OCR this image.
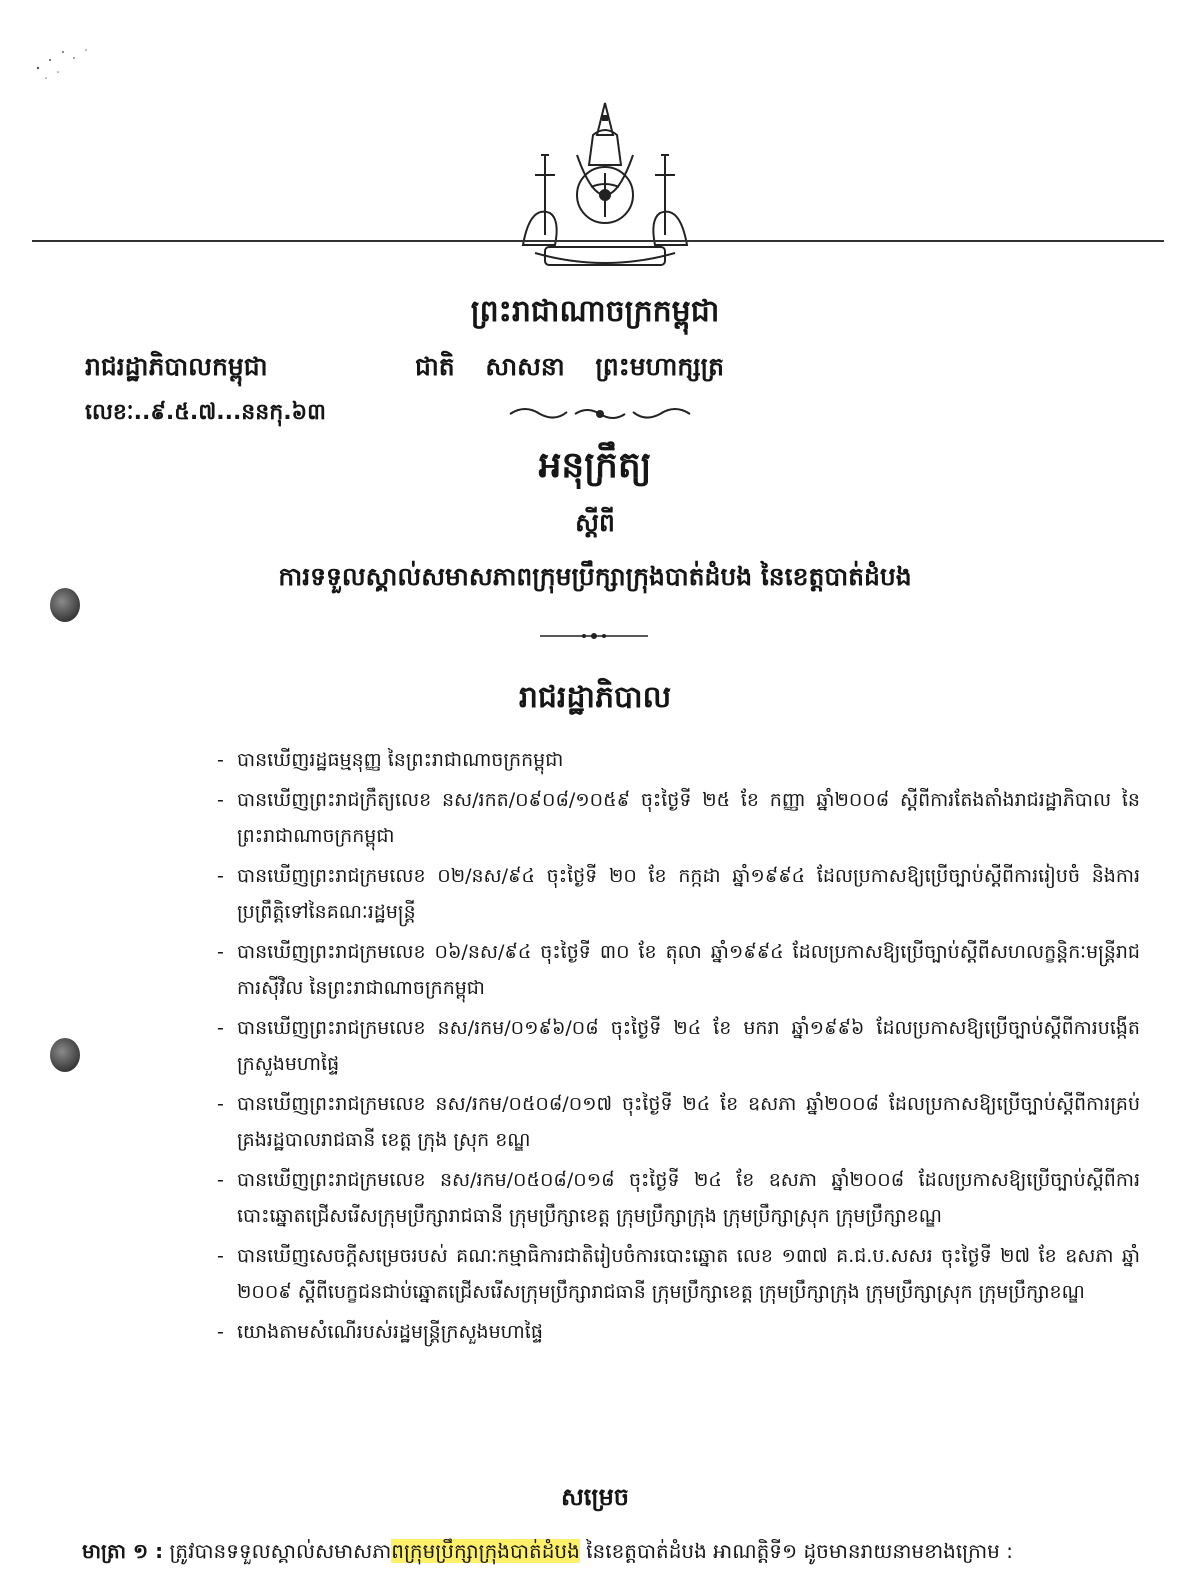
ព្រះរាជាណាចក្រកម្ពុជា
រាជរដ្ឋាភិបាលកម្ពុជា	ជាតិ សាសនា ព្រះមហាក្សត្រ
លេខៈ..៩.៥.៧...ននកុ.៦៣
អនុក្រឹត្យ
ស្តីពី
ការទទួលស្គាល់សមាសភាពក្រុមប្រឹក្សាក្រុងបាត់ដំបង នៃខេត្តបាត់ដំបង
រាជរដ្ឋាភិបាល
- បានឃើញរដ្ឋធម្មនុញ្ញ នៃព្រះរាជាណាចក្រកម្ពុជា
- បានឃើញព្រះរាជក្រឹត្យលេខ នស/រកត/០៩០៨/១០៥៩ ចុះថ្ងៃទី ២៥ ខែ កញ្ញា ឆ្នាំ២០០៨ ស្តីពីការតែងតាំងរាជរដ្ឋាភិបាល នៃព្រះរាជាណាចក្រកម្ពុជា
- បានឃើញព្រះរាជក្រមលេខ ០២/នស/៩៤ ចុះថ្ងៃទី ២០ ខែ កក្កដា ឆ្នាំ១៩៩៤ ដែលប្រកាសឱ្យប្រើច្បាប់ស្តីពីការរៀបចំ និងការប្រព្រឹត្តិទៅនៃគណៈរដ្ឋមន្ត្រី
- បានឃើញព្រះរាជក្រមលេខ ០៦/នស/៩៤ ចុះថ្ងៃទី ៣០ ខែ តុលា ឆ្នាំ១៩៩៤ ដែលប្រកាសឱ្យប្រើច្បាប់ស្តីពីសហលក្ខន្តិកៈមន្ត្រីរាជការស៊ីវិល នៃព្រះរាជាណាចក្រកម្ពុជា
- បានឃើញព្រះរាជក្រមលេខ នស/រកម/០១៩៦/០៨ ចុះថ្ងៃទី ២៤ ខែ មករា ឆ្នាំ១៩៩៦ ដែលប្រកាសឱ្យប្រើច្បាប់ស្តីពីការបង្កើតក្រសួងមហាផ្ទៃ
- បានឃើញព្រះរាជក្រមលេខ នស/រកម/០៥០៨/០១៧ ចុះថ្ងៃទី ២៤ ខែ ឧសភា ឆ្នាំ២០០៨ ដែលប្រកាសឱ្យប្រើច្បាប់ស្តីពីការគ្រប់គ្រងរដ្ឋបាលរាជធានី ខេត្ត ក្រុង ស្រុក ខណ្ឌ
- បានឃើញព្រះរាជក្រមលេខ នស/រកម/០៥០៨/០១៨ ចុះថ្ងៃទី ២៤ ខែ ឧសភា ឆ្នាំ២០០៨ ដែលប្រកាសឱ្យប្រើច្បាប់ស្តីពីការបោះឆ្នោតជ្រើសរើសក្រុមប្រឹក្សារាជធានី ក្រុមប្រឹក្សាខេត្ត ក្រុមប្រឹក្សាក្រុង ក្រុមប្រឹក្សាស្រុក ក្រុមប្រឹក្សាខណ្ឌ
- បានឃើញសេចក្តីសម្រេចរបស់ គណៈកម្មាធិការជាតិរៀបចំការបោះឆ្នោត លេខ ១៣៧ គ.ជ.ប.សសរ ចុះថ្ងៃទី ២៧ ខែ ឧសភា ឆ្នាំ ២០០៩ ស្តីពីបេក្ខជនជាប់ឆ្នោតជ្រើសរើសក្រុមប្រឹក្សារាជធានី ក្រុមប្រឹក្សាខេត្ត ក្រុមប្រឹក្សាក្រុង ក្រុមប្រឹក្សាស្រុក ក្រុមប្រឹក្សាខណ្ឌ
- យោងតាមសំណើរបស់រដ្ឋមន្ត្រីក្រសួងមហាផ្ទៃ
សម្រេច
មាត្រា ១ : ត្រូវបានទទួលស្គាល់សមាសភាពក្រុមប្រឹក្សាក្រុងបាត់ដំបង នៃខេត្តបាត់ដំបង អាណត្តិទី១ ដូចមានរាយនាមខាងក្រោម :
